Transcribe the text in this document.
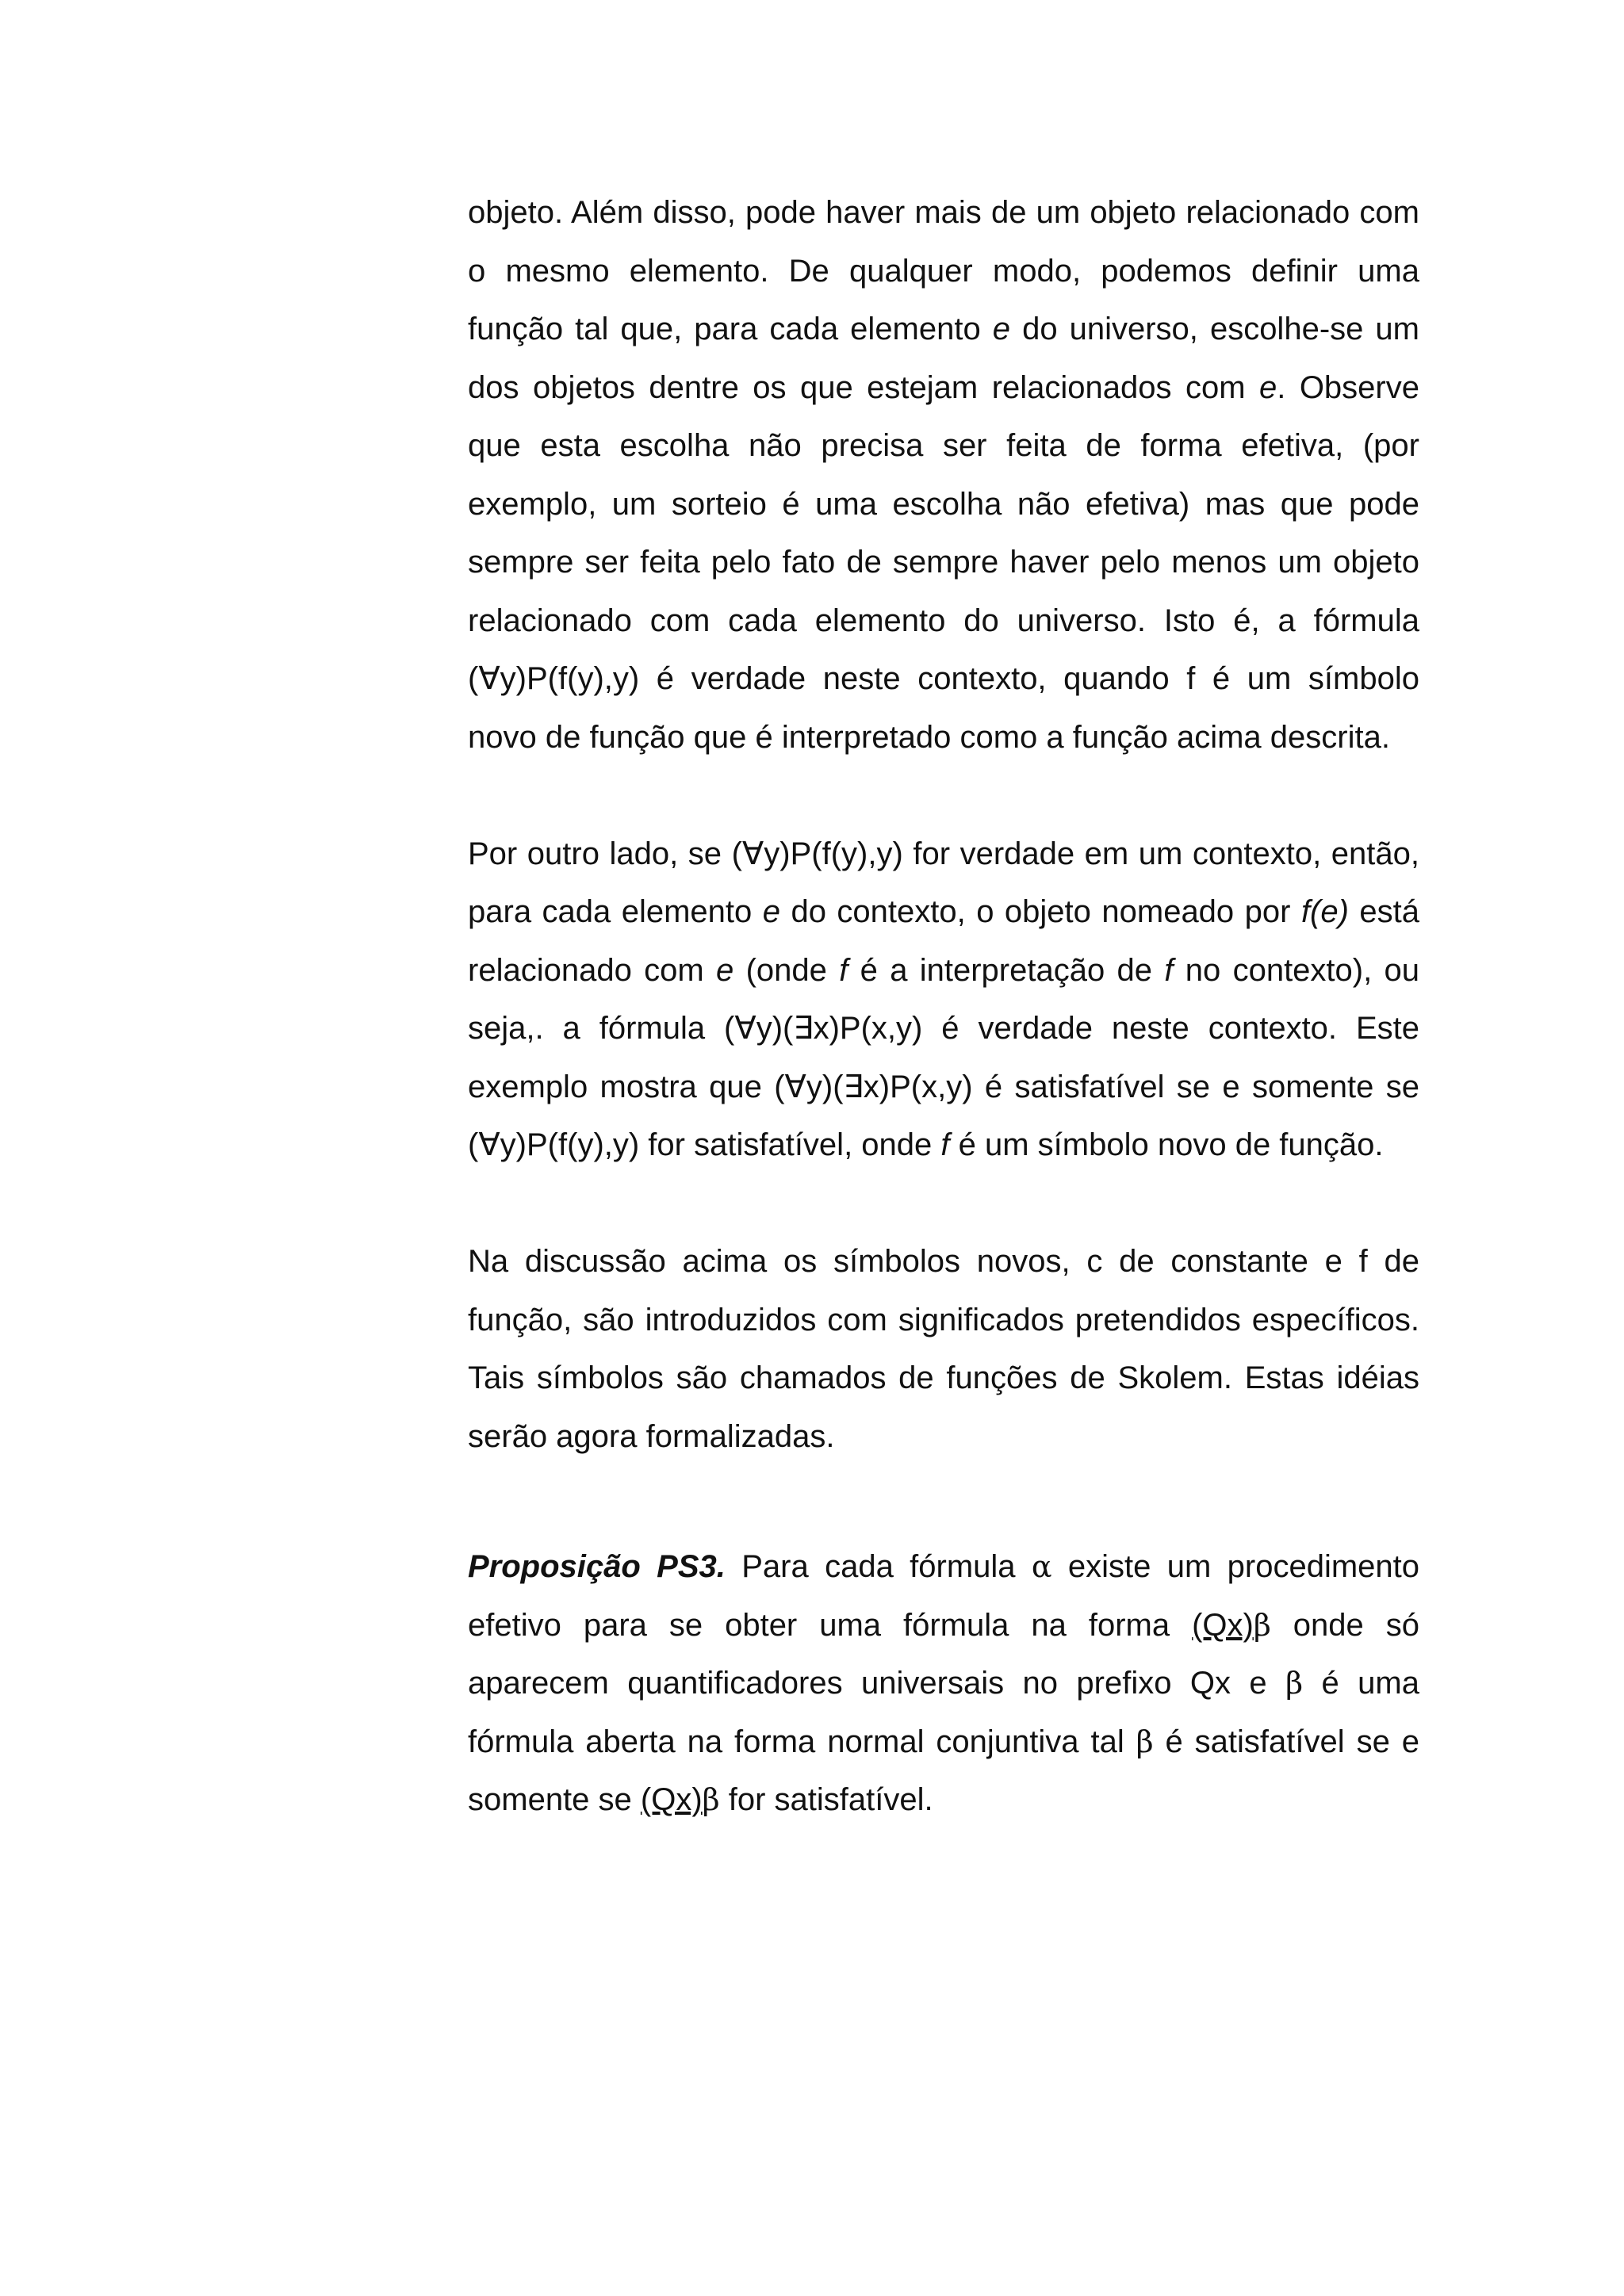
objeto. Além disso, pode haver mais de um objeto relacionado com o mesmo elemento. De qualquer modo, podemos definir uma função tal que, para cada elemento e do universo, escolhe-se um dos objetos dentre os que estejam relacionados com e. Observe que esta escolha não precisa ser feita de forma efetiva, (por exemplo, um sorteio é uma escolha não efetiva) mas que pode sempre ser feita pelo fato de sempre haver pelo menos um objeto relacionado com cada elemento do universo. Isto é, a fórmula (∀y)P(f(y),y) é verdade neste contexto, quando f é um símbolo novo de função que é interpretado como a função acima descrita.

Por outro lado, se (∀y)P(f(y),y) for verdade em um contexto, então, para cada elemento e do contexto, o objeto nomeado por f(e) está relacionado com e (onde f é a interpretação de f no contexto), ou seja,. a fórmula (∀y)(∃x)P(x,y) é verdade neste contexto. Este exemplo mostra que (∀y)(∃x)P(x,y) é satisfatível se e somente se (∀y)P(f(y),y) for satisfatível, onde f é um símbolo novo de função.

Na discussão acima os símbolos novos, c de constante e f de função, são introduzidos com significados pretendidos específicos. Tais símbolos são chamados de funções de Skolem. Estas idéias serão agora formalizadas.

Proposição PS3. Para cada fórmula α existe um procedimento efetivo para se obter uma fórmula na forma (Qx)β onde só aparecem quantificadores universais no prefixo Qx e β é uma fórmula aberta na forma normal conjuntiva tal β é satisfatível se e somente se (Qx)β for satisfatível.
